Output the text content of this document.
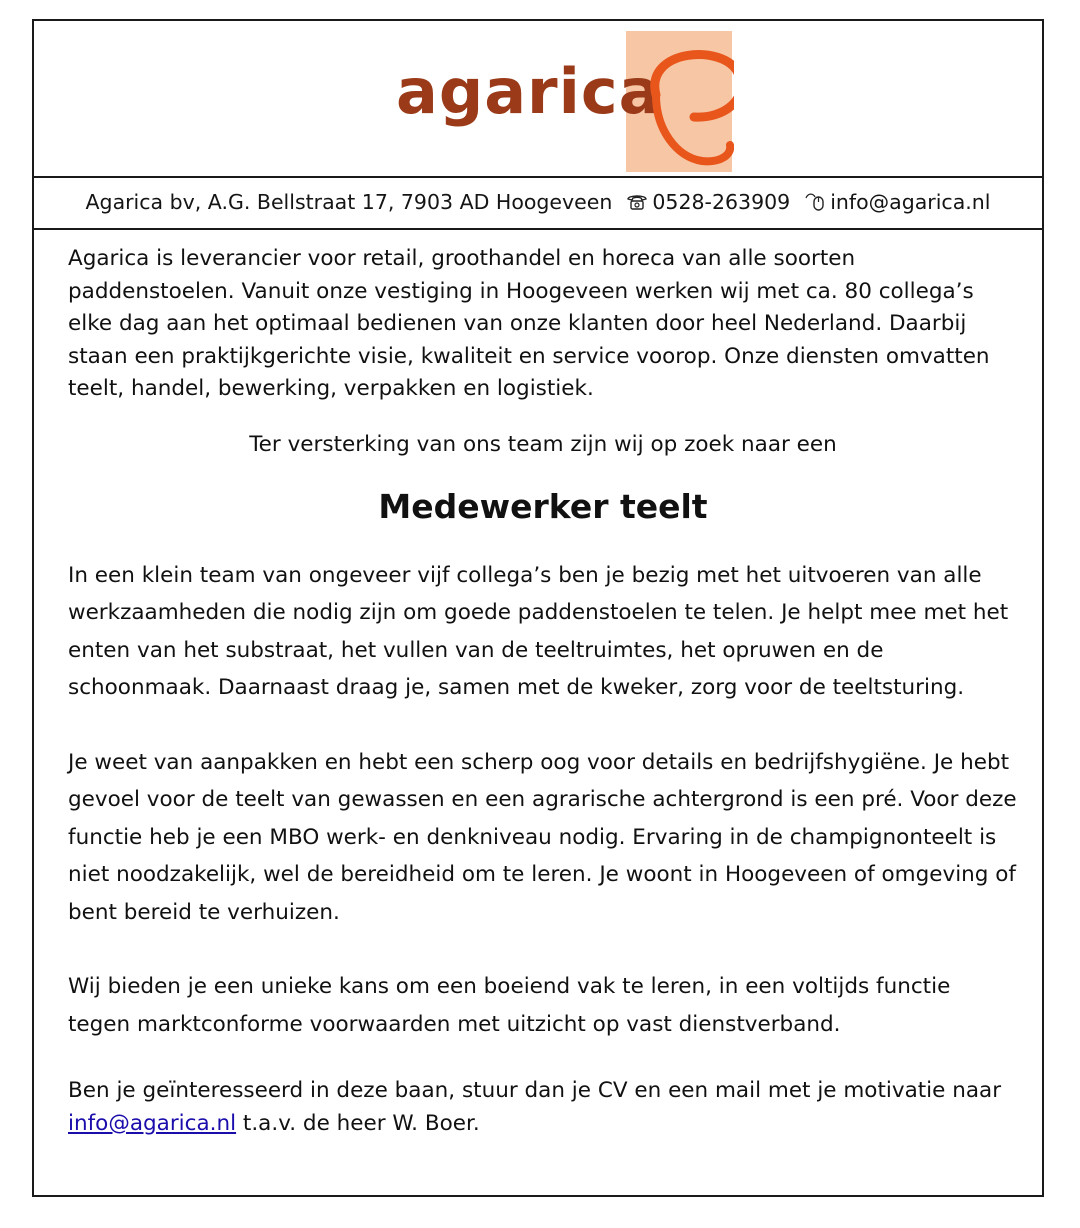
agarica
Agarica bv, A.G. Bellstraat 17, 7903 AD Hoogeveen 0528-263909 info@agarica.nl

Agarica is leverancier voor retail, groothandel en horeca van alle soorten paddenstoelen. Vanuit onze vestiging in Hoogeveen werken wij met ca. 80 collega’s elke dag aan het optimaal bedienen van onze klanten door heel Nederland. Daarbij staan een praktijkgerichte visie, kwaliteit en service voorop. Onze diensten omvatten teelt, handel, bewerking, verpakken en logistiek.

Ter versterking van ons team zijn wij op zoek naar een

Medewerker teelt

In een klein team van ongeveer vijf collega’s ben je bezig met het uitvoeren van alle werkzaamheden die nodig zijn om goede paddenstoelen te telen. Je helpt mee met het enten van het substraat, het vullen van de teeltruimtes, het opruwen en de schoonmaak. Daarnaast draag je, samen met de kweker, zorg voor de teeltsturing.

Je weet van aanpakken en hebt een scherp oog voor details en bedrijfshygiëne. Je hebt gevoel voor de teelt van gewassen en een agrarische achtergrond is een pré. Voor deze functie heb je een MBO werk- en denkniveau nodig. Ervaring in de champignonteelt is niet noodzakelijk, wel de bereidheid om te leren. Je woont in Hoogeveen of omgeving of bent bereid te verhuizen.

Wij bieden je een unieke kans om een boeiend vak te leren, in een voltijds functie tegen marktconforme voorwaarden met uitzicht op vast dienstverband.

Ben je geïnteresseerd in deze baan, stuur dan je CV en een mail met je motivatie naar info@agarica.nl t.a.v. de heer W. Boer.
